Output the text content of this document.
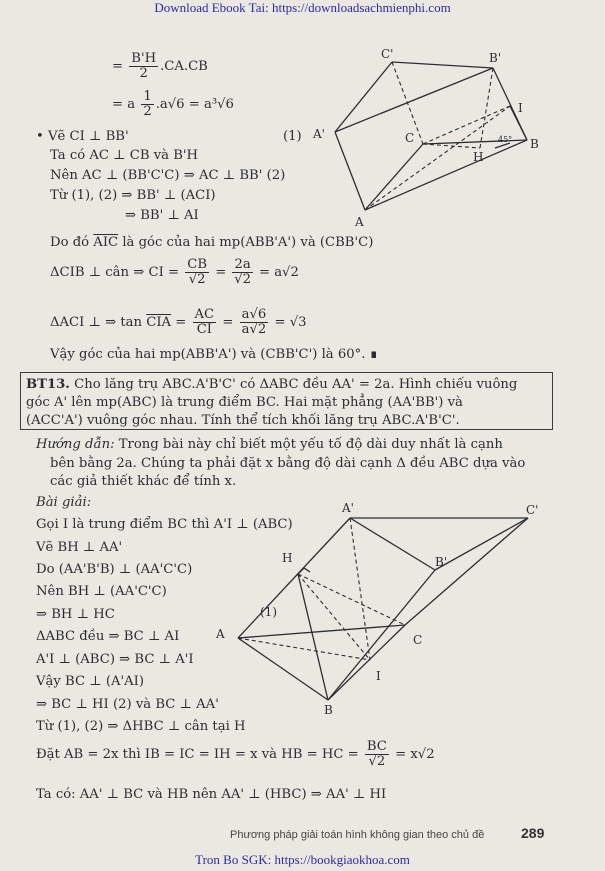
Download Ebook Tai: https://downloadsachmienphi.com
= $\frac{B'H}{2} .CA.CB$
= a $\frac{1}{2} .a√6 = a^3√6$
• Vẽ CI ⊥ BB'	(1)
Ta có AC ⊥ CB và B'H
Nên AC ⊥ (BB'C'C) ⇒ AC ⊥ BB' (2)
Từ (1), (2) ⇒ BB' ⊥ (ACI)
⇒ BB' ⊥ AI
Do đó $\overline{AIC}$ là góc của hai mp(ABB'A') và (CBB'C)
ΔCIB ⊥ cân ⇒ CI = $\frac{CB}{√2} = \frac{2a}{√2} = a√2$
ΔACI ⊥ ⇒ $\tan \overline{CIA} = \frac{AC}{CI} = \frac{a√6}{a√2} = √3$
Vậy góc của hai mp(ABB'A') và (CBB'C') là 60°. ∎
C'	B'
A'	C
I
B
H
A
45°
BT13. Cho lăng trụ ABC.A'B'C' có ΔABC đều AA' = 2a. Hình chiếu vuông
góc A' lên mp(ABC) là trung điểm BC. Hai mặt phẳng (AA'BB') và
(ACC'A') vuông góc nhau. Tính thể tích khối lăng trụ ABC.A'B'C'.
Hướng dẫn: Trong bài này chỉ biết một yếu tố độ dài duy nhất là cạnh
bên bằng 2a. Chúng ta phải đặt x bằng độ dài cạnh Δ đều ABC dựa vào
các giả thiết khác để tính x.
Bài giải:
Gọi I là trung điểm BC thì A'I ⊥ (ABC)
Vẽ BH ⊥ AA'
Do (AA'B'B) ⊥ (AA'C'C)
Nên BH ⊥ (AA'C'C)
⇒ BH ⊥ HC
ΔABC đều ⇒ BC ⊥ AI
A'I ⊥ (ABC) ⇒ BC ⊥ A'I
Vậy BC ⊥ (A'AI)
⇒ BC ⊥ HI (2) và BC ⊥ AA'
Từ (1), (2) ⇒ ΔHBC ⊥ cân tại H
Đặt AB = 2x thì IB = IC = IH = x và HB = HC = $\frac{BC}{√2} = x√2$
Ta có: AA' ⊥ BC và HB nên AA' ⊥ (HBC) ⇒ AA' ⊥ HI
A'	C'
H	B'
(1)
A	C
I
B
Phương pháp giải toán hình không gian theo chủ đề	289
Tron Bo SGK: https://bookgiaokhoa.com
